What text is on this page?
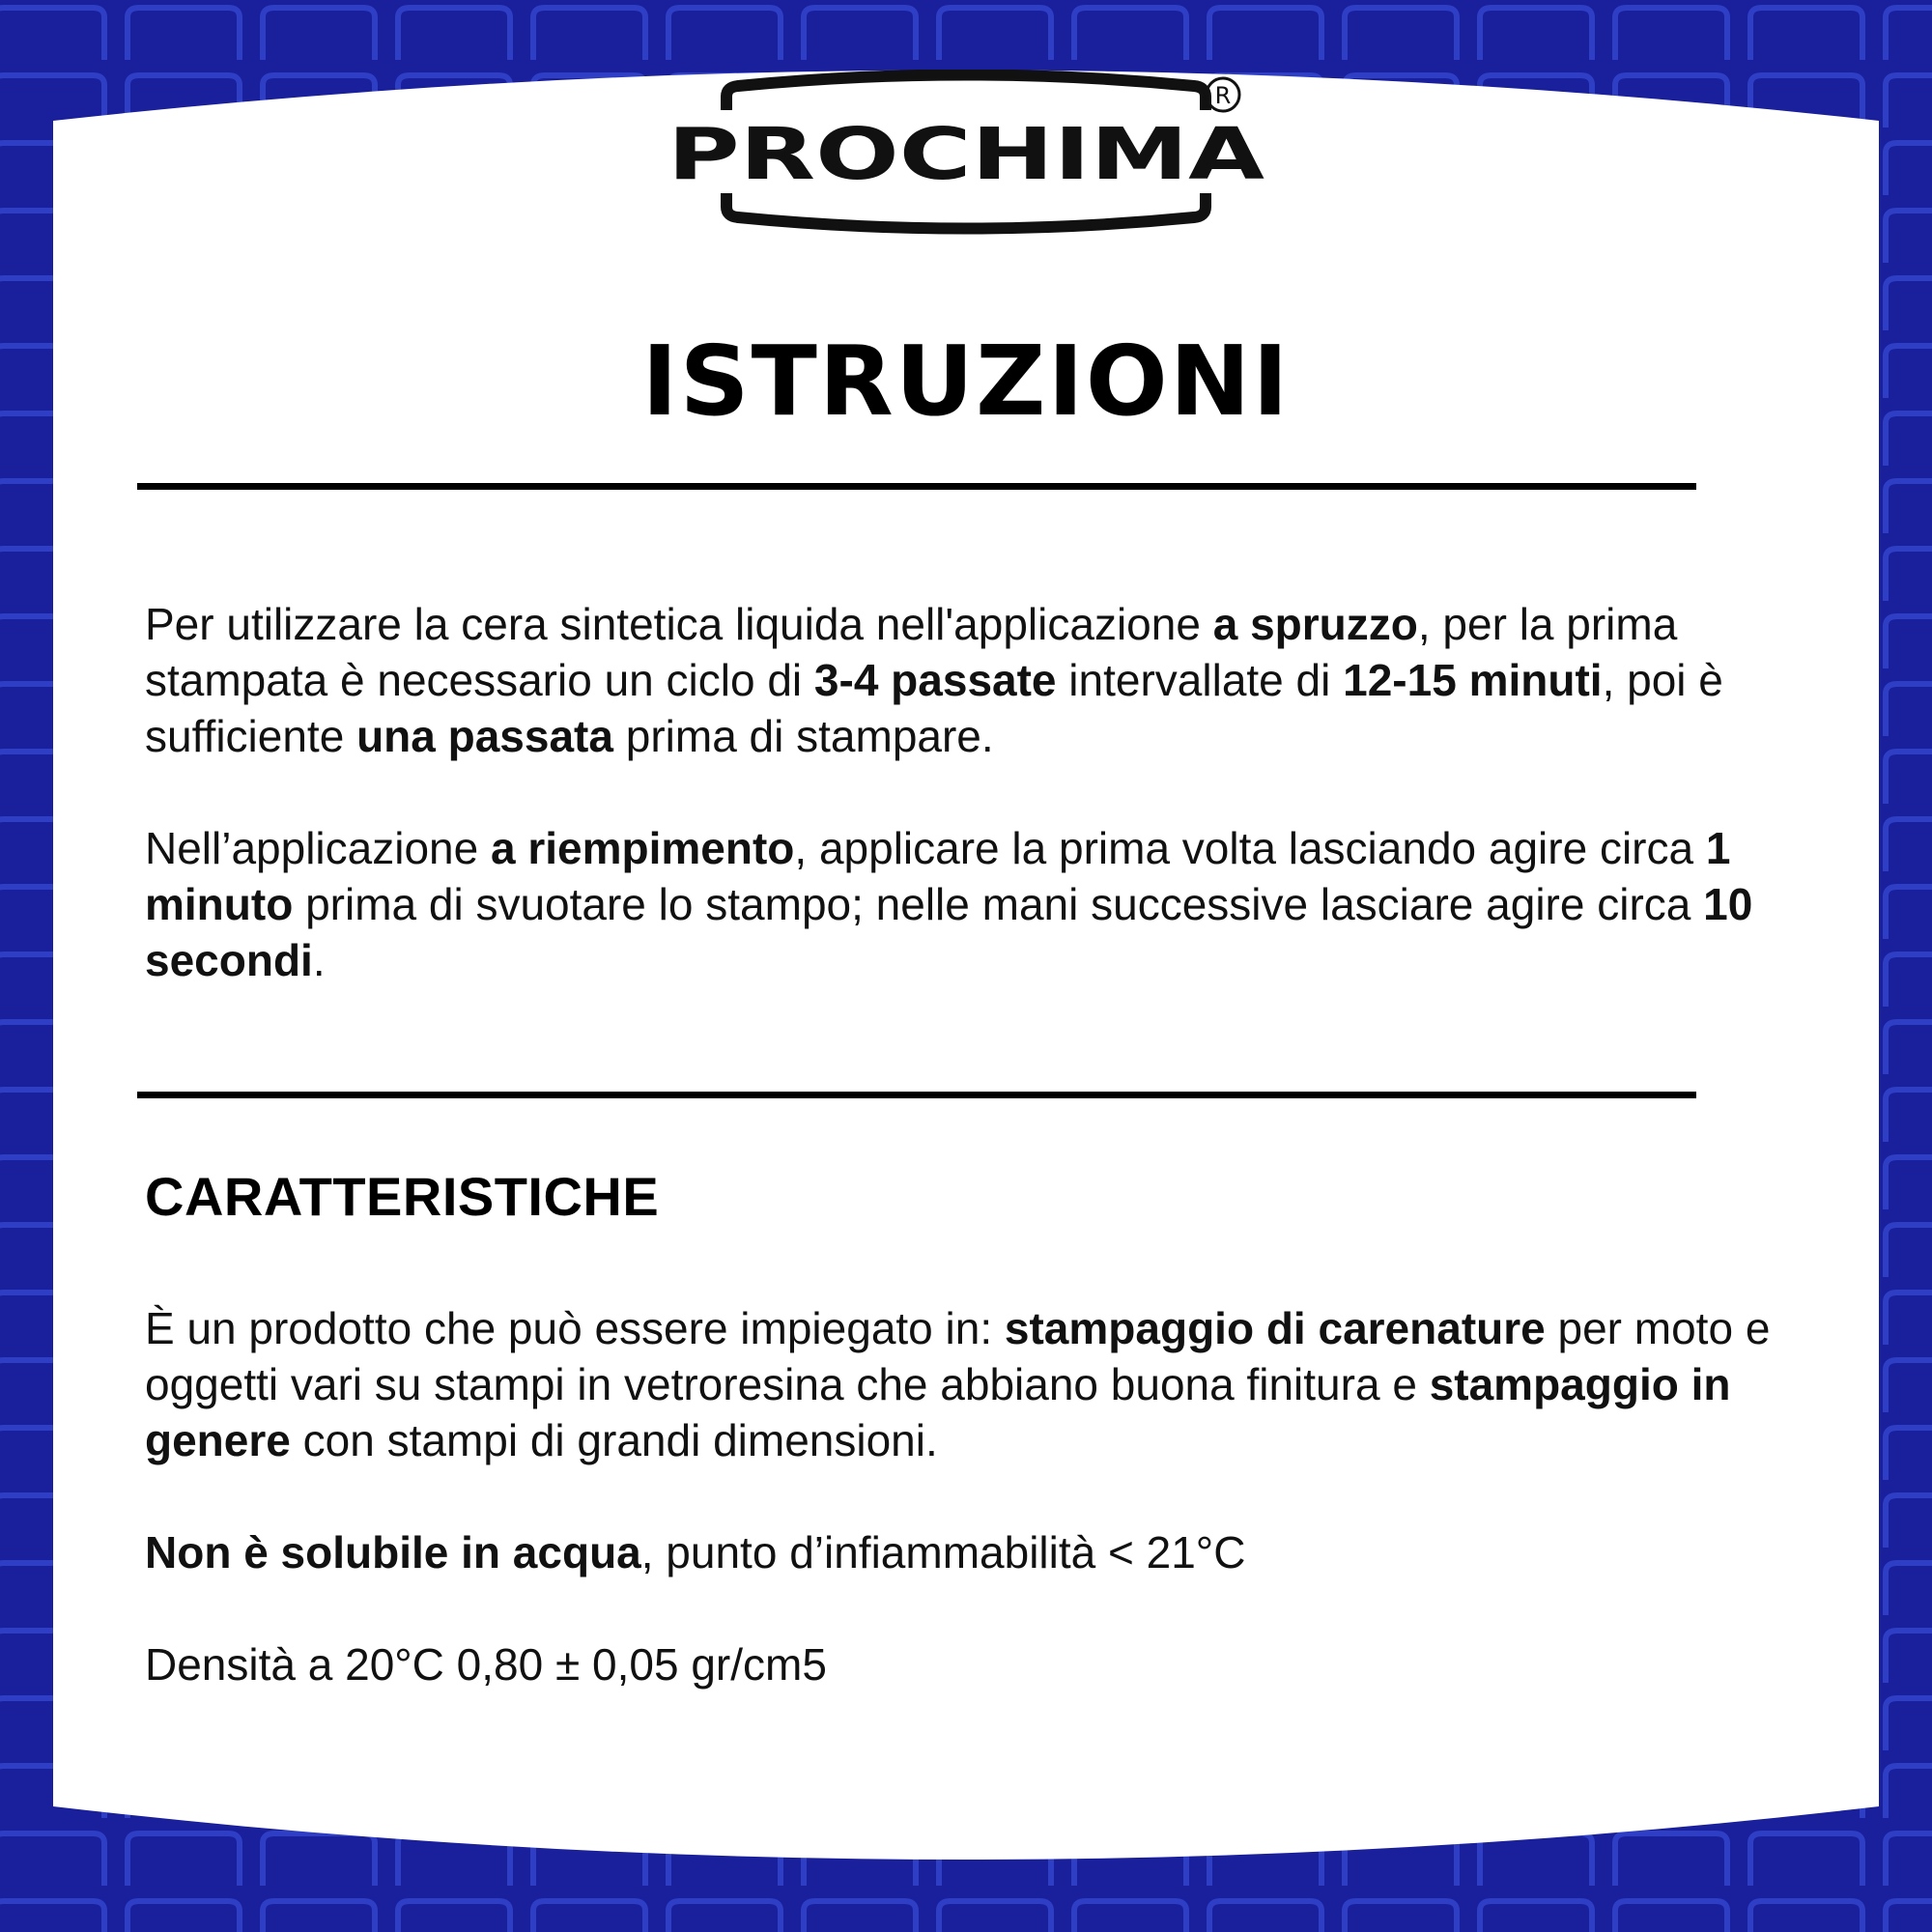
PROCHIMA
R
ISTRUZIONI

Per utilizzare la cera sintetica liquida nell'applicazione a spruzzo, per la prima stampata è necessario un ciclo di 3-4 passate intervallate di 12-15 minuti, poi è sufficiente una passata prima di stampare.

Nell’applicazione a riempimento, applicare la prima volta lasciando agire circa 1 minuto prima di svuotare lo stampo; nelle mani successive lasciare agire circa 10 secondi.

CARATTERISTICHE

È un prodotto che può essere impiegato in: stampaggio di carenature per moto e oggetti vari su stampi in vetroresina che abbiano buona finitura e stampaggio in genere con stampi di grandi dimensioni.

Non è solubile in acqua, punto d’infiammabilità < 21°C

Densità a 20°C 0,80 ± 0,05 gr/cm5
